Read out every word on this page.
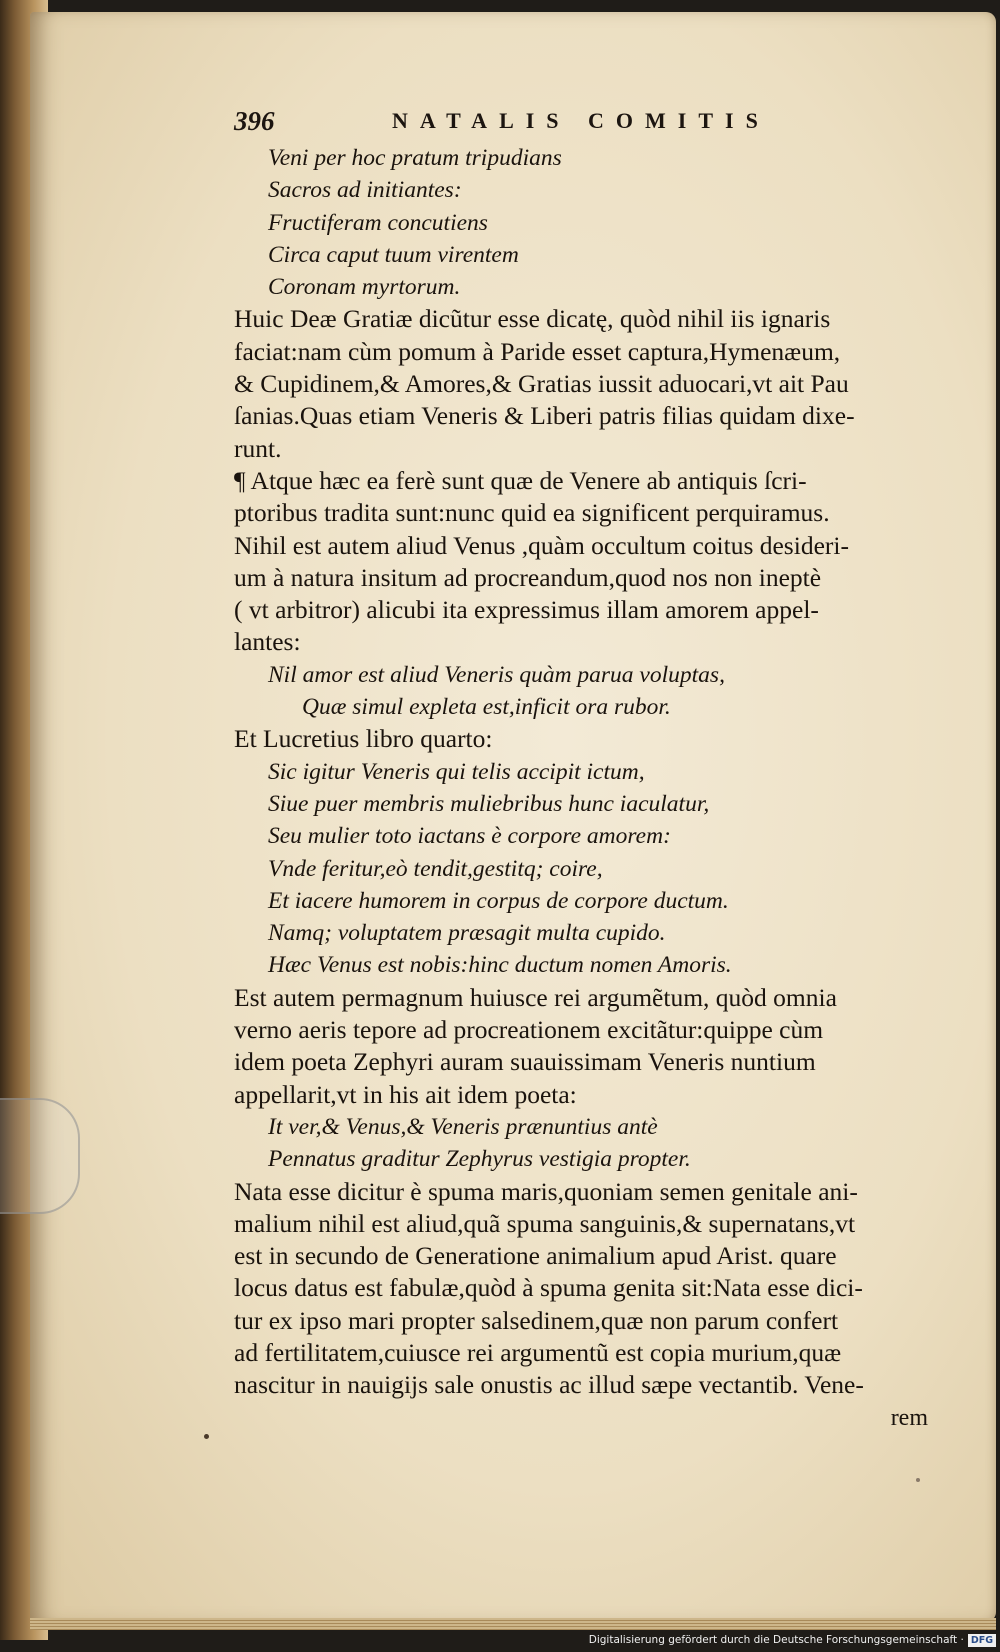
396	NATALIS COMITIS
Veni per hoc pratum tripudians
Sacros ad initiantes:
Fructiferam concutiens
Circa caput tuum virentem
Coronam myrtorum.
Huic Deæ Gratiæ dicũtur esse dicatę, quòd nihil iis ignaris
faciat:nam cùm pomum à Paride esset captura,Hymenæum,
& Cupidinem,& Amores,& Gratias iussit aduocari,vt ait Pau
ſanias.Quas etiam Veneris & Liberi patris filias quidam dixe-
runt.
¶ Atque hæc ea ferè sunt quæ de Venere ab antiquis ſcri-
ptoribus tradita sunt:nunc quid ea significent perquiramus.
Nihil est autem aliud Venus ,quàm occultum coitus desideri-
um à natura insitum ad procreandum,quod nos non ineptè
( vt arbitror) alicubi ita expressimus illam amorem appel-
lantes:
Nil amor est aliud Veneris quàm parua voluptas,
Quæ simul expleta est,inficit ora rubor.
Et Lucretius libro quarto:
Sic igitur Veneris qui telis accipit ictum,
Siue puer membris muliebribus hunc iaculatur,
Seu mulier toto iactans è corpore amorem:
Vnde feritur,eò tendit,gestitq; coire,
Et iacere humorem in corpus de corpore ductum.
Namq; voluptatem præsagit multa cupido.
Hæc Venus est nobis:hinc ductum nomen Amoris.
Est autem permagnum huiusce rei argumẽtum, quòd omnia
verno aeris tepore ad procreationem excitãtur:quippe cùm
idem poeta Zephyri auram suauissimam Veneris nuntium
appellarit,vt in his ait idem poeta:
It ver,& Venus,& Veneris prænuntius antè
Pennatus graditur Zephyrus vestigia propter.
Nata esse dicitur è spuma maris,quoniam semen genitale ani-
malium nihil est aliud,quã spuma sanguinis,& supernatans,vt
est in secundo de Generatione animalium apud Arist. quare
locus datus est fabulæ,quòd à spuma genita sit:Nata esse dici-
tur ex ipso mari propter salsedinem,quæ non parum confert
ad fertilitatem,cuiusce rei argumentũ est copia murium,quæ
nascitur in nauigijs sale onustis ac illud sæpe vectantib. Vene-
rem
Digitalisierung gefördert durch die Deutsche Forschungsgemeinschaft · DFG
